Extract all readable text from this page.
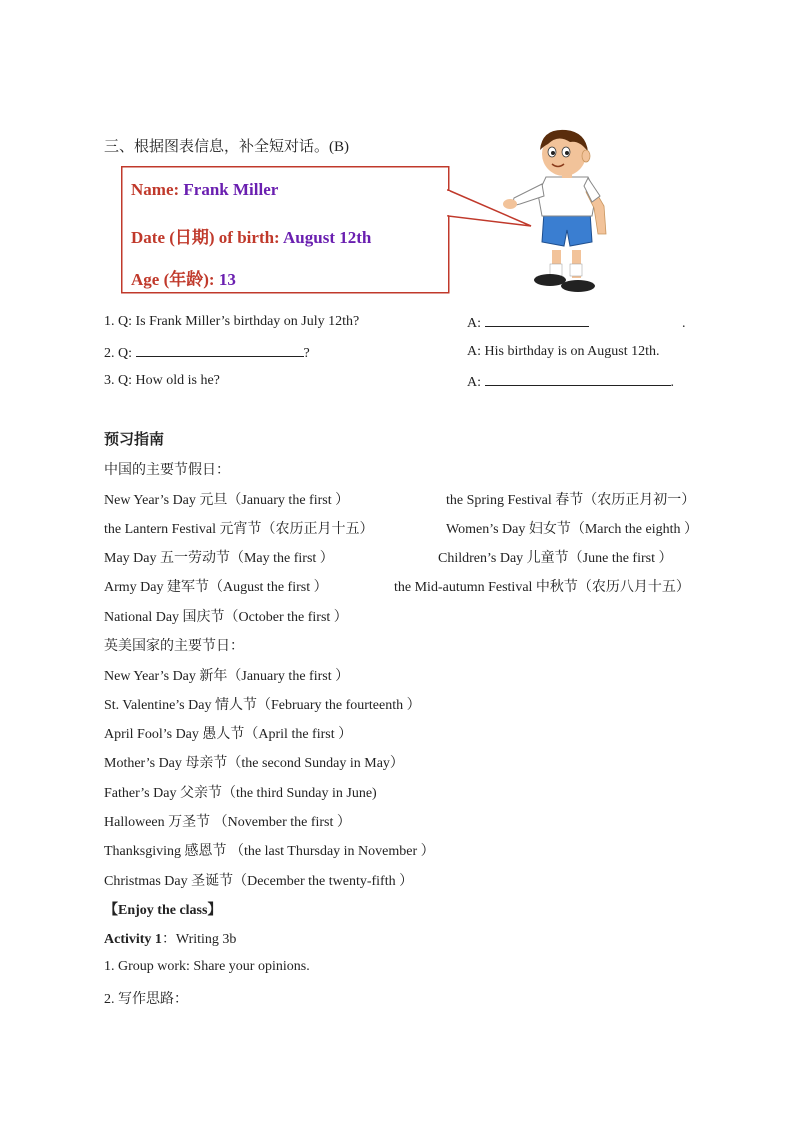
三、根据图表信息，补全短对话。(B)
Name: Frank Miller
Date (日期) of birth: August 12th
Age (年龄): 13
1. Q: Is Frank Miller’s birthday on July 12th?	A:	.
2. Q:	?	A: His birthday is on August 12th.
3. Q: How old is he?	A:	.
预习指南
中国的主要节假日：
New Year’s Day 元旦（January the first ）	the Spring Festival 春节（农历正月初一）
the Lantern Festival 元宵节（农历正月十五）	Women’s Day 妇女节（March the eighth ）
May Day 五一劳动节（May the first ）	Children’s Day 儿童节（June the first ）
Army Day 建军节（August the first ）	the Mid-autumn Festival 中秋节（农历八月十五）
National Day 国庆节（October the first ）
英美国家的主要节日：
New Year’s Day 新年（January the first ）
St. Valentine’s Day 情人节（February the fourteenth ）
April Fool’s Day 愚人节（April the first ）
Mother’s Day 母亲节（the second Sunday in May）
Father’s Day 父亲节（the third Sunday in June)
Halloween 万圣节 （November the first ）
Thanksgiving 感恩节 （the last Thursday in November ）
Christmas Day 圣诞节（December the twenty-fifth ）
【Enjoy the class】
Activity 1：Writing 3b
1. Group work: Share your opinions.
2. 写作思路：
